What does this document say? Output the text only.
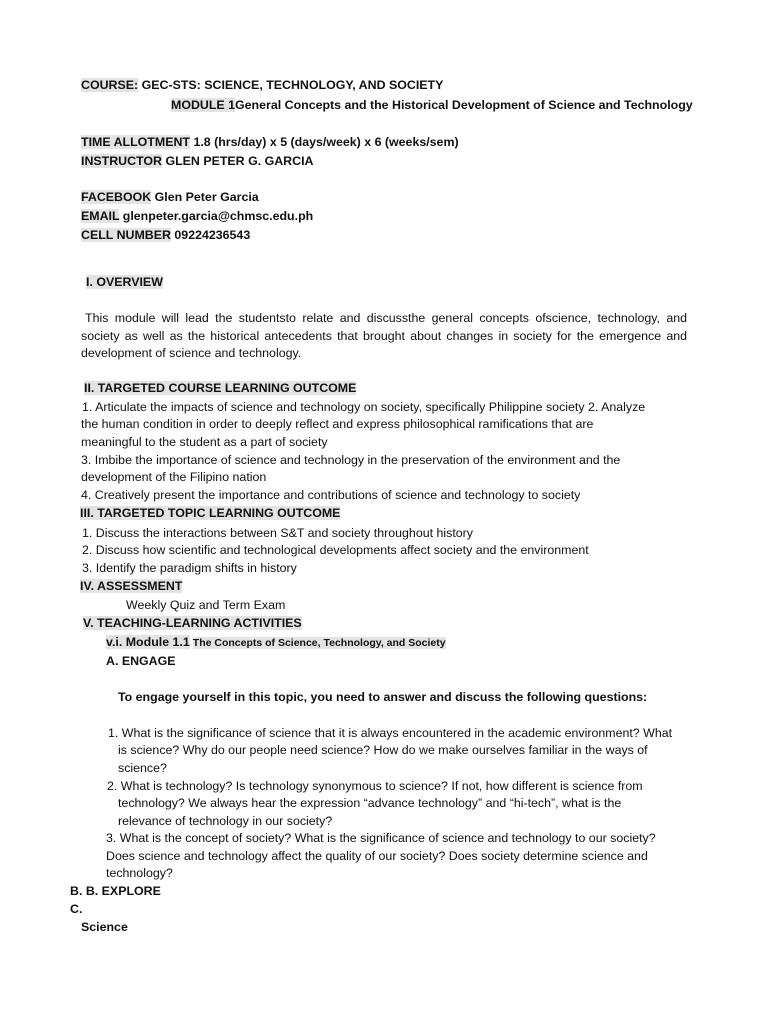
COURSE: GEC-STS: SCIENCE, TECHNOLOGY, AND SOCIETY
MODULE 1General Concepts and the Historical Development of Science and Technology
TIME ALLOTMENT 1.8 (hrs/day) x 5 (days/week) x 6 (weeks/sem)
INSTRUCTOR GLEN PETER G. GARCIA
FACEBOOK Glen Peter Garcia
EMAIL glenpeter.garcia@chmsc.edu.ph
CELL NUMBER 09224236543
I. OVERVIEW
This module will lead the studentsto relate and discussthe general concepts ofscience, technology, and society as well as the historical antecedents that brought about changes in society for the emergence and development of science and technology.
II. TARGETED COURSE LEARNING OUTCOME
1. Articulate the impacts of science and technology on society, specifically Philippine society 2. Analyze
the human condition in order to deeply reflect and express philosophical ramifications that are
meaningful to the student as a part of society
3. Imbibe the importance of science and technology in the preservation of the environment and the
development of the Filipino nation
4. Creatively present the importance and contributions of science and technology to society
III. TARGETED TOPIC LEARNING OUTCOME
1. Discuss the interactions between S&T and society throughout history
2. Discuss how scientific and technological developments affect society and the environment
3. Identify the paradigm shifts in history
IV. ASSESSMENT
Weekly Quiz and Term Exam
V. TEACHING-LEARNING ACTIVITIES
v.i. Module 1.1 The Concepts of Science, Technology, and Society
A. ENGAGE
To engage yourself in this topic, you need to answer and discuss the following questions:
1. What is the significance of science that it is always encountered in the academic environment? What
is science? Why do our people need science? How do we make ourselves familiar in the ways of
science?
2. What is technology? Is technology synonymous to science? If not, how different is science from
technology? We always hear the expression “advance technology” and “hi-tech”, what is the
relevance of technology in our society?
3. What is the concept of society? What is the significance of science and technology to our society?
Does science and technology affect the quality of our society? Does society determine science and
technology?
B. B. EXPLORE
C.
Science
